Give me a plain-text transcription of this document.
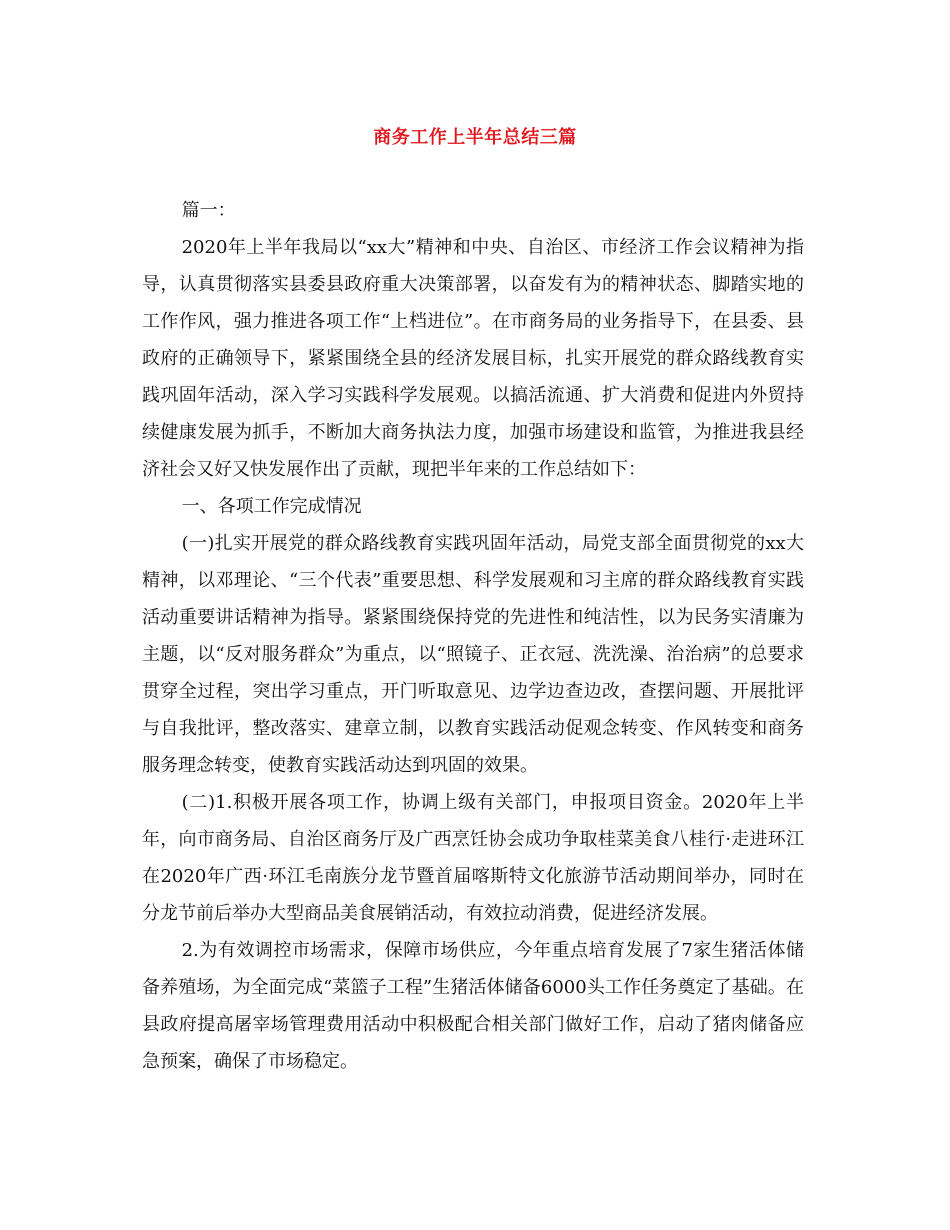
商务工作上半年总结三篇

篇一：

2020年上半年我局以“xx大”精神和中央、自治区、市经济工作会议精神为指导，认真贯彻落实县委县政府重大决策部署，以奋发有为的精神状态、脚踏实地的工作作风，强力推进各项工作“上档进位”。在市商务局的业务指导下，在县委、县政府的正确领导下，紧紧围绕全县的经济发展目标，扎实开展党的群众路线教育实践巩固年活动，深入学习实践科学发展观。以搞活流通、扩大消费和促进内外贸持续健康发展为抓手，不断加大商务执法力度，加强市场建设和监管，为推进我县经济社会又好又快发展作出了贡献，现把半年来的工作总结如下：

一、各项工作完成情况

(一)扎实开展党的群众路线教育实践巩固年活动，局党支部全面贯彻党的xx大精神，以邓理论、“三个代表”重要思想、科学发展观和习主席的群众路线教育实践活动重要讲话精神为指导。紧紧围绕保持党的先进性和纯洁性，以为民务实清廉为主题，以“反对服务群众”为重点，以“照镜子、正衣冠、洗洗澡、治治病”的总要求贯穿全过程，突出学习重点，开门听取意见、边学边查边改，查摆问题、开展批评与自我批评，整改落实、建章立制，以教育实践活动促观念转变、作风转变和商务服务理念转变，使教育实践活动达到巩固的效果。

(二)1.积极开展各项工作，协调上级有关部门，申报项目资金。2020年上半年，向市商务局、自治区商务厅及广西烹饪协会成功争取桂菜美食八桂行·走进环江在2020年广西·环江毛南族分龙节暨首届喀斯特文化旅游节活动期间举办，同时在分龙节前后举办大型商品美食展销活动，有效拉动消费，促进经济发展。

2.为有效调控市场需求，保障市场供应，今年重点培育发展了7家生猪活体储备养殖场，为全面完成“菜篮子工程”生猪活体储备6000头工作任务奠定了基础。在县政府提高屠宰场管理费用活动中积极配合相关部门做好工作，启动了猪肉储备应急预案，确保了市场稳定。
